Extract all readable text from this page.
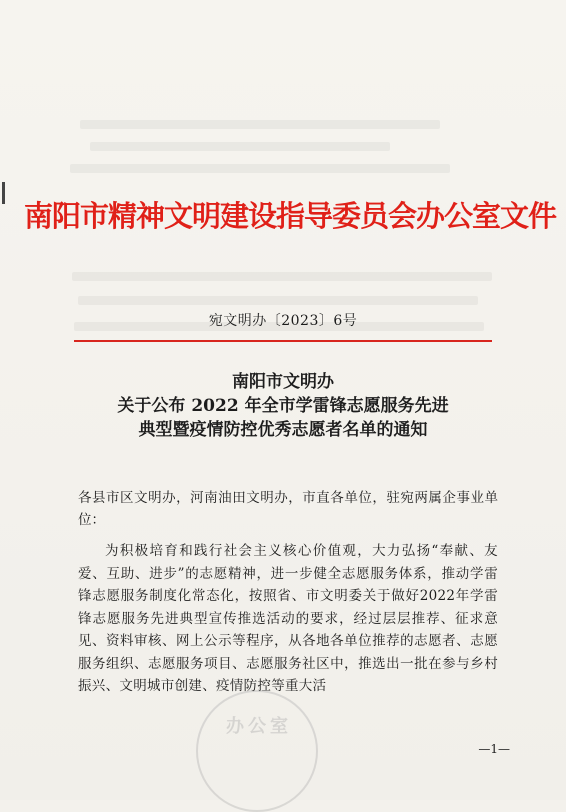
南阳市精神文明建设指导委员会办公室文件
宛文明办〔2023〕6号
南阳市文明办
关于公布 2022 年全市学雷锋志愿服务先进
典型暨疫情防控优秀志愿者名单的通知
各县市区文明办，河南油田文明办，市直各单位，驻宛两属企事业单位：
为积极培育和践行社会主义核心价值观，大力弘扬“奉献、友爱、互助、进步”的志愿精神，进一步健全志愿服务体系，推动学雷锋志愿服务制度化常态化，按照省、市文明委关于做好2022年学雷锋志愿服务先进典型宣传推选活动的要求，经过层层推荐、征求意见、资料审核、网上公示等程序，从各地各单位推荐的志愿者、志愿服务组织、志愿服务项目、志愿服务社区中，推选出一批在参与乡村振兴、文明城市创建、疫情防控等重大活
办公室
—1—
